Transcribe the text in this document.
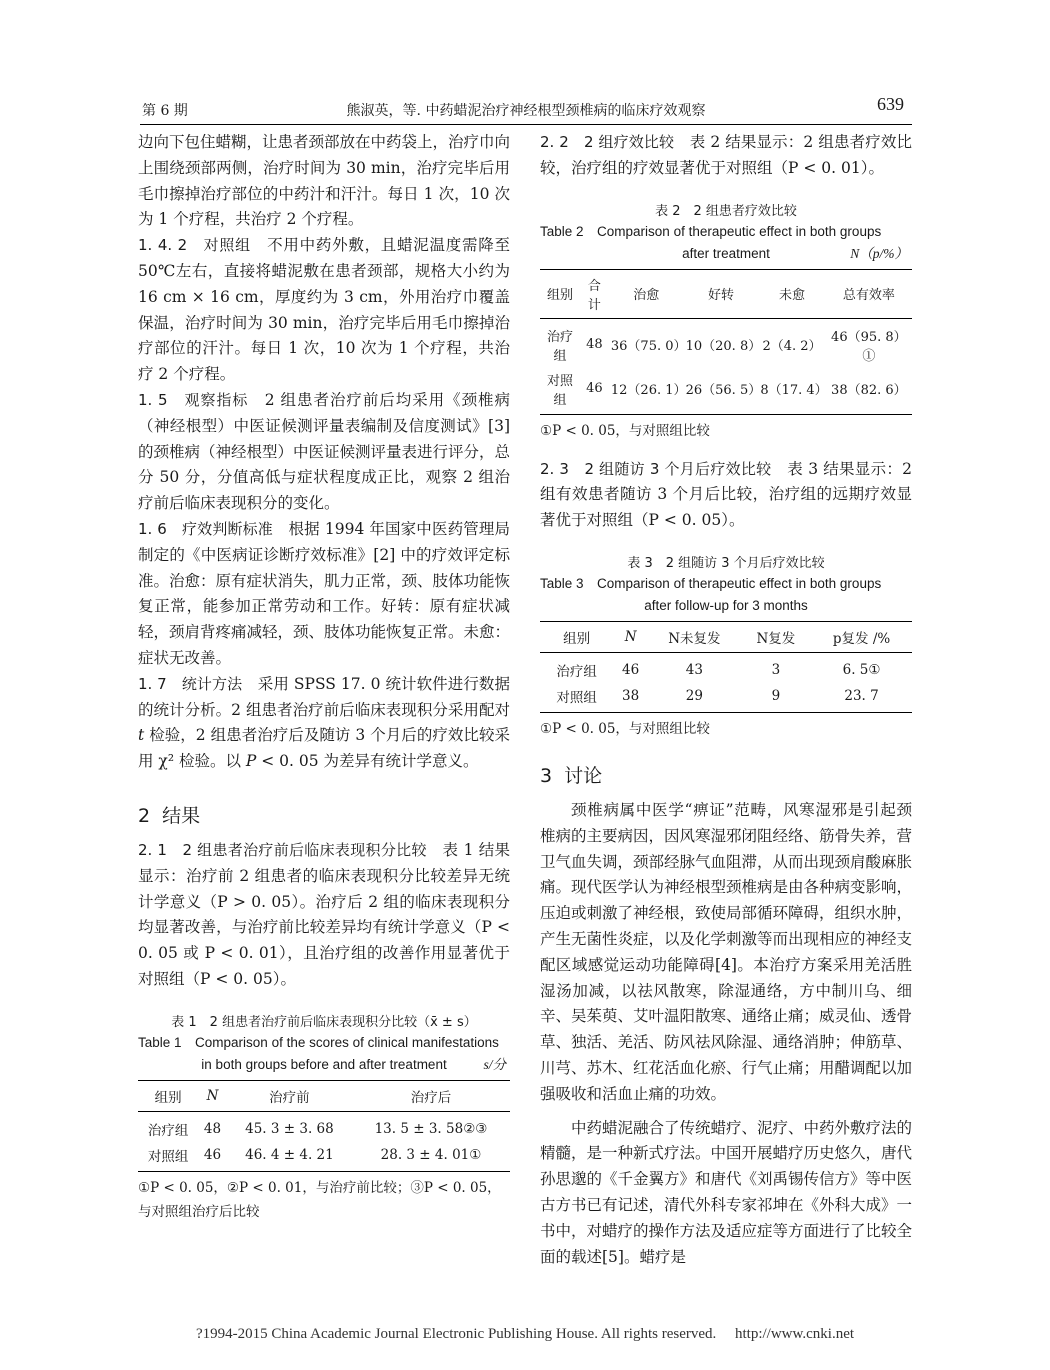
第 6 期	熊淑英，等. 中药蜡泥治疗神经根型颈椎病的临床疗效观察	639

边向下包住蜡糊，让患者颈部放在中药袋上，治疗巾向上围绕颈部两侧，治疗时间为 30 min，治疗完毕后用毛巾擦掉治疗部位的中药汁和汗汁。每日 1 次，10 次为 1 个疗程，共治疗 2 个疗程。

1. 4. 2　对照组　不用中药外敷，且蜡泥温度需降至 50℃左右，直接将蜡泥敷在患者颈部，规格大小约为 16 cm × 16 cm，厚度约为 3 cm，外用治疗巾覆盖保温，治疗时间为 30 min，治疗完毕后用毛巾擦掉治疗部位的汗汁。每日 1 次，10 次为 1 个疗程，共治疗 2 个疗程。

1. 5　观察指标　2 组患者治疗前后均采用《颈椎病（神经根型）中医证候测评量表编制及信度测试》[3] 的颈椎病（神经根型）中医证候测评量表进行评分，总分 50 分，分值高低与症状程度成正比，观察 2 组治疗前后临床表现积分的变化。

1. 6　疗效判断标准　根据 1994 年国家中医药管理局制定的《中医病证诊断疗效标准》[2] 中的疗效评定标准。治愈：原有症状消失，肌力正常，颈、肢体功能恢复正常，能参加正常劳动和工作。好转：原有症状减轻，颈肩背疼痛减轻，颈、肢体功能恢复正常。未愈：症状无改善。

1. 7　统计方法　采用 SPSS 17. 0 统计软件进行数据的统计分析。2 组患者治疗前后临床表现积分采用配对 t 检验，2 组患者治疗后及随访 3 个月后的疗效比较采用 χ² 检验。以 P < 0. 05 为差异有统计学意义。

2 结果

2. 1　2 组患者治疗前后临床表现积分比较　表 1 结果显示：治疗前 2 组患者的临床表现积分比较差异无统计学意义（P > 0. 05）。治疗后 2 组的临床表现积分均显著改善，与治疗前比较差异均有统计学意义（P < 0. 05 或 P < 0. 01），且治疗组的改善作用显著优于对照组（P < 0. 05）。

表 1　2 组患者治疗前后临床表现积分比较（x̄ ± s）
Table 1　Comparison of the scores of clinical manifestations
in both groups before and after treatment	s/分
组别	N	治疗前	治疗后
治疗组	48	45. 3 ± 3. 68	13. 5 ± 3. 58②③
对照组	46	46. 4 ± 4. 21	28. 3 ± 4. 01①
①P < 0. 05，②P < 0. 01，与治疗前比较；③P < 0. 05，与对照组治疗后比较

2. 2　2 组疗效比较　表 2 结果显示：2 组患者疗效比较，治疗组的疗效显著优于对照组（P < 0. 01）。

表 2　2 组患者疗效比较
Table 2　Comparison of therapeutic effect in both groups
after treatment	N（p/%）
组别	合计	治愈	好转	未愈	总有效率
治疗组	48	36（75. 0）	10（20. 8）	2（4. 2）	46（95. 8）①
对照组	46	12（26. 1）	26（56. 5）	8（17. 4）	38（82. 6）
①P < 0. 05，与对照组比较

2. 3　2 组随访 3 个月后疗效比较　表 3 结果显示：2 组有效患者随访 3 个月后比较，治疗组的远期疗效显著优于对照组（P < 0. 05）。

表 3　2 组随访 3 个月后疗效比较
Table 3　Comparison of therapeutic effect in both groups
after follow-up for 3 months
组别	N	N未复发	N复发	p复发 /%
治疗组	46	43	3	6. 5①
对照组	38	29	9	23. 7
①P < 0. 05，与对照组比较
3 讨论

颈椎病属中医学“痹证”范畴，风寒湿邪是引起颈椎病的主要病因，因风寒湿邪闭阻经络、筋骨失养，营卫气血失调，颈部经脉气血阻滞，从而出现颈肩酸麻胀痛。现代医学认为神经根型颈椎病是由各种病变影响，压迫或刺激了神经根，致使局部循环障碍，组织水肿，产生无菌性炎症，以及化学刺激等而出现相应的神经支配区域感觉运动功能障碍[4]。本治疗方案采用羌活胜湿汤加减，以祛风散寒，除湿通络，方中制川乌、细辛、吴茱萸、艾叶温阳散寒、通络止痛；威灵仙、透骨草、独活、羌活、防风祛风除湿、通络消肿；伸筋草、川芎、苏木、红花活血化瘀、行气止痛；用醋调配以加强吸收和活血止痛的功效。

中药蜡泥融合了传统蜡疗、泥疗、中药外敷疗法的精髓，是一种新式疗法。中国开展蜡疗历史悠久，唐代孙思邈的《千金翼方》和唐代《刘禹锡传信方》等中医古方书已有记述，清代外科专家祁坤在《外科大成》一书中，对蜡疗的操作方法及适应症等方面进行了比较全面的载述[5]。蜡疗是

?1994-2015 China Academic Journal Electronic Publishing House. All rights reserved.　 http://www.cnki.net
